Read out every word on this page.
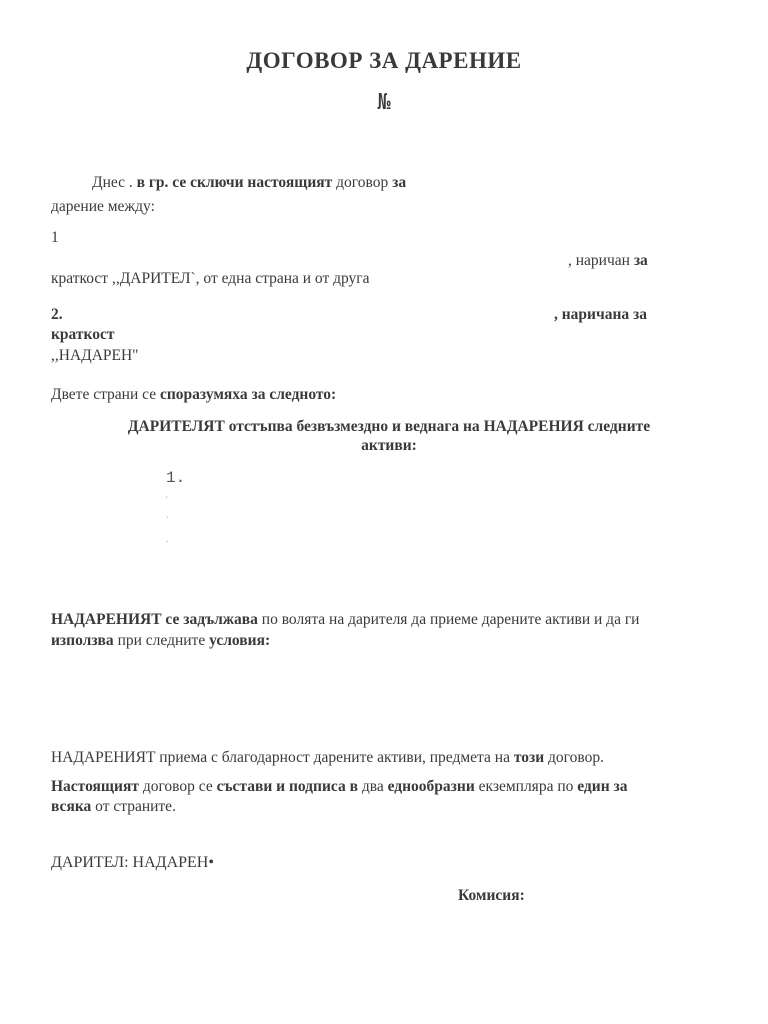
ДОГОВОР ЗА ДАРЕНИЕ
№
Днес . в гр. се сключи настоящият договор за
дарение между:
1
, наричан за
краткост ,,ДАРИТЕЛ`, от една страна и от друга
2.	, наричана за
краткост
,,НАДАРЕН"
Двете страни се споразумяха за следното:
ДАРИТЕЛЯТ отстъпва безвъзмездно и веднага на НАДАРЕНИЯ следните
активи:
1.
'
`
.
НАДАРЕНИЯТ се задължава по волята на дарителя да приеме дарените активи и да ги
използва при следните условия:
НАДАРЕНИЯТ приема с благодарност дарените активи, предмета на този договор.
Настоящият договор се състави и подписа в два еднообразни екземпляра по един за
всяка от страните.
ДАРИТЕЛ: НАДАРЕН•
Комисия:
